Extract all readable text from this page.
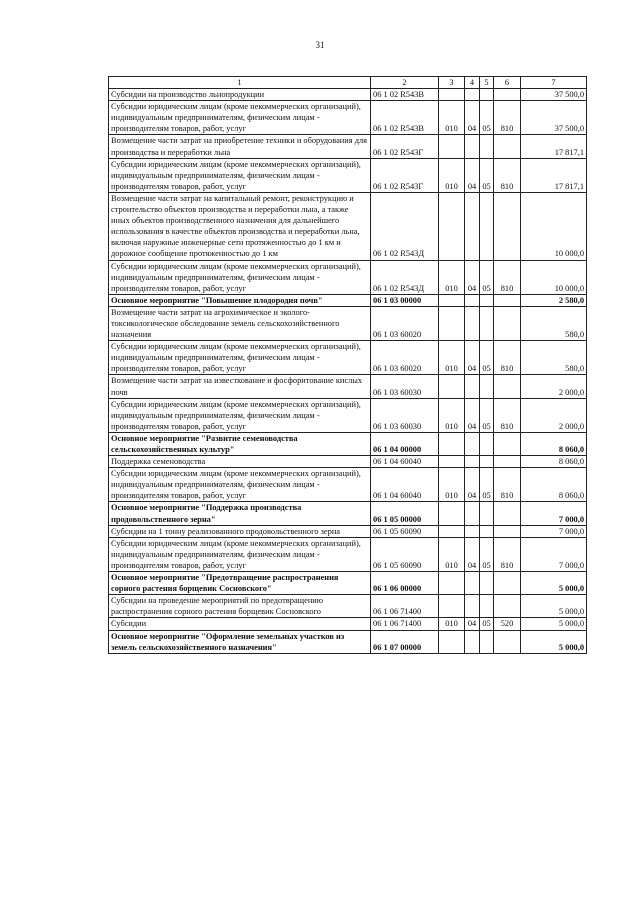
31
1	2	3	4	5	6	7
Субсидии на производство льнопродукции	06 1 02 R543В					37 500,0
Субсидии юридическим лицам (кроме некоммерческих организаций), индивидуальным предпринимателям, физическим лицам - производителям товаров, работ, услуг	06 1 02 R543В	010	04	05	810	37 500,0
Возмещение части затрат на приобретение техники и оборудования для производства и переработки льна	06 1 02 R543Г					17 817,1
Субсидии юридическим лицам (кроме некоммерческих организаций), индивидуальным предпринимателям, физическим лицам - производителям товаров, работ, услуг	06 1 02 R543Г	010	04	05	810	17 817,1
Возмещение части затрат на капитальный ремонт, реконструкцию и строительство объектов производства и переработки льна, а также иных объектов производственного назначения для дальнейшего использования в качестве объектов производства и переработки льна, включая наружные инженерные сети протяженностью до 1 км и дорожное сообщение протяженностью до 1 км	06 1 02 R543Д					10 000,0
Субсидии юридическим лицам (кроме некоммерческих организаций), индивидуальным предпринимателям, физическим лицам - производителям товаров, работ, услуг	06 1 02 R543Д	010	04	05	810	10 000,0
Основное мероприятие "Повышение плодородия почв"	06 1 03 00000					2 580,0
Возмещение части затрат на агрохимическое и эколого-токсикологическое обследование земель сельскохозяйственного назначения	06 1 03 60020					580,0
Субсидии юридическим лицам (кроме некоммерческих организаций), индивидуальным предпринимателям, физическим лицам - производителям товаров, работ, услуг	06 1 03 60020	010	04	05	810	580,0
Возмещение части затрат на известкование и фосфоритование кислых почв	06 1 03 60030					2 000,0
Субсидии юридическим лицам (кроме некоммерческих организаций), индивидуальным предпринимателям, физическим лицам - производителям товаров, работ, услуг	06 1 03 60030	010	04	05	810	2 000,0
Основное мероприятие "Развитие семеноводства сельскохозяйственных культур"	06 1 04 00000					8 060,0
Поддержка семеноводства	06 1 04 60040					8 060,0
Субсидии юридическим лицам (кроме некоммерческих организаций), индивидуальным предпринимателям, физическим лицам - производителям товаров, работ, услуг	06 1 04 60040	010	04	05	810	8 060,0
Основное мероприятие "Поддержка производства продовольственного зерна"	06 1 05 00000					7 000,0
Субсидии на 1 тонну реализованного продовольственного зерна	06 1 05 60090					7 000,0
Субсидии юридическим лицам (кроме некоммерческих организаций), индивидуальным предпринимателям, физическим лицам - производителям товаров, работ, услуг	06 1 05 60090	010	04	05	810	7 000,0
Основное мероприятие "Предотвращение распространения сорного растения борщевик Сосновского"	06 1 06 00000					5 000,0
Субсидии на проведение мероприятий по предотвращению распространения сорного растения борщевик Сосновского	06 1 06 71400					5 000,0
Субсидии	06 1 06 71400	010	04	05	520	5 000,0
Основное мероприятие "Оформление земельных участков из земель сельскохозяйственного назначения"	06 1 07 00000					5 000,0
